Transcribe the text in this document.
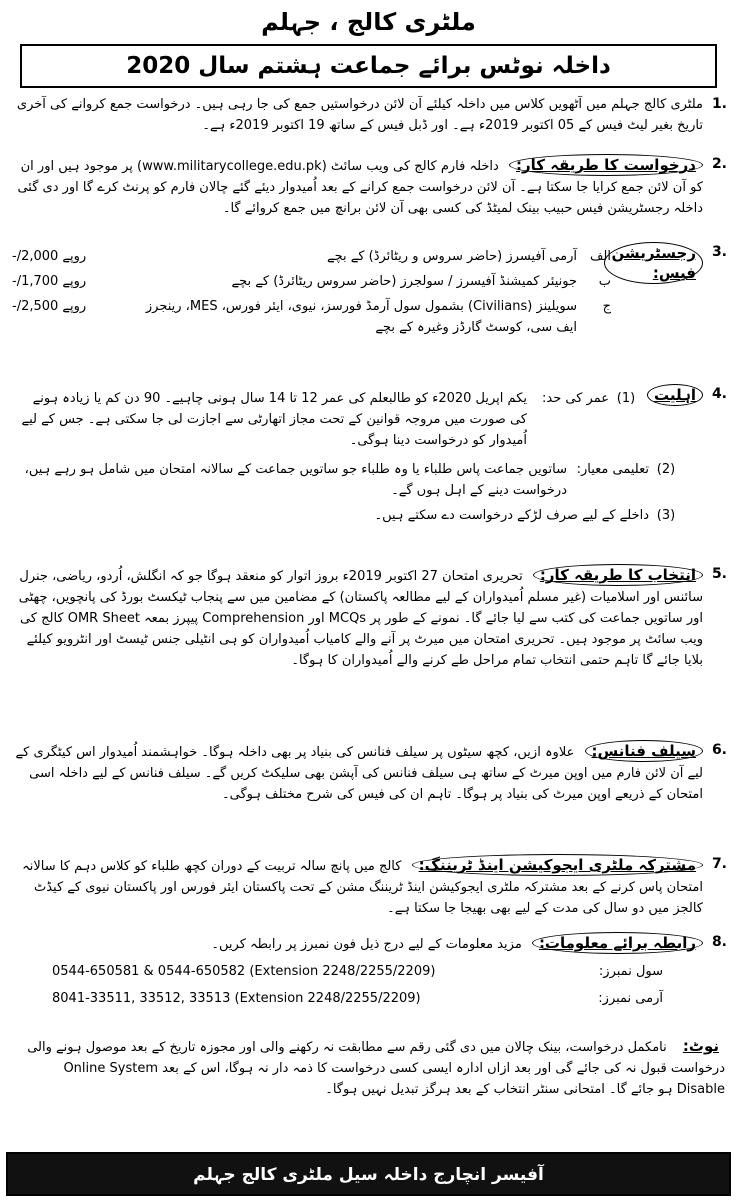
ملٹری کالج ، جہلم
داخلہ نوٹس برائے جماعت ہشتم سال 2020
1.
ملٹری کالج جہلم میں آٹھویں کلاس میں داخلہ کیلئے آن لائن درخواستیں جمع کی جا رہی ہیں۔ درخواست جمع کروانے کی آخری تاریخ بغیر لیٹ فیس کے 05 اکتوبر 2019ء ہے۔ اور ڈبل فیس کے ساتھ 19 اکتوبر 2019ء ہے۔
2.
درخواست کا طریقہ کار: داخلہ فارم کالج کی ویب سائٹ (www.militarycollege.edu.pk) پر موجود ہیں اور ان کو آن لائن جمع کرایا جا سکتا ہے۔ آن لائن درخواست جمع کرانے کے بعد اُمیدوار دیئے گئے چالان فارم کو پرنٹ کرے گا اور دی گئی داخلہ رجسٹریشن فیس حبیب بینک لمیٹڈ کی کسی بھی آن لائن برانچ میں جمع کروائے گا۔
3.
رجسٹریشن فیس:
الف
آرمی آفیسرز (حاضر سروس و ریٹائرڈ) کے بچے
-/2,000 روپے
ب
جونیئر کمیشنڈ آفیسرز / سولجرز (حاضر سروس ریٹائرڈ) کے بچے
-/1,700 روپے
ج
سویلینز (Civilians) بشمول سول آرمڈ فورسز، نیوی، ایئر فورس، MES، رینجرز ایف سی، کوسٹ گارڈز وغیرہ کے بچے
-/2,500 روپے
4.
اہلیت
(1)
عمر کی حد:
یکم اپریل 2020ء کو طالبعلم کی عمر 12 تا 14 سال ہونی چاہیے۔ 90 دن کم یا زیادہ ہونے کی صورت میں مروجہ قوانین کے تحت مجاز اتھارٹی سے اجازت لی جا سکتی ہے۔ جس کے لیے اُمیدوار کو درخواست دینا ہوگی۔
(2)
تعلیمی معیار:
ساتویں جماعت پاس طلباء یا وہ طلباء جو ساتویں جماعت کے سالانہ امتحان میں شامل ہو رہے ہیں، درخواست دینے کے اہل ہوں گے۔
(3)
داخلے کے لیے صرف لڑکے درخواست دے سکتے ہیں۔
5.
انتخاب کا طریقہ کار: تحریری امتحان 27 اکتوبر 2019ء بروز اتوار کو منعقد ہوگا جو کہ انگلش، اُردو، ریاضی، جنرل سائنس اور اسلامیات (غیر مسلم اُمیدواران کے لیے مطالعہ پاکستان) کے مضامین میں سے پنجاب ٹیکسٹ بورڈ کی پانچویں، چھٹی اور ساتویں جماعت کی کتب سے لیا جائے گا۔ نمونے کے طور پر MCQs اور Comprehension پیپرز بمعہ OMR Sheet کالج کی ویب سائٹ پر موجود ہیں۔ تحریری امتحان میں میرٹ پر آنے والے کامیاب اُمیدواران کو ہی انٹیلی جنس ٹیسٹ اور انٹرویو کیلئے بلایا جائے گا تاہم حتمی انتخاب تمام مراحل طے کرنے والے اُمیدواران کا ہوگا۔
6.
سیلف فنانس: علاوہ ازیں، کچھ سیٹوں پر سیلف فنانس کی بنیاد پر بھی داخلہ ہوگا۔ خواہشمند اُمیدوار اس کیٹگری کے لیے آن لائن فارم میں اوپن میرٹ کے ساتھ ہی سیلف فنانس کی آپشن بھی سلیکٹ کریں گے۔ سیلف فنانس کے لیے داخلہ اسی امتحان کے ذریعے اوپن میرٹ کی بنیاد پر ہوگا۔ تاہم ان کی فیس کی شرح مختلف ہوگی۔
7.
مشترکہ ملٹری ایجوکیشن اینڈ ٹریننگ: کالج میں پانچ سالہ تربیت کے دوران کچھ طلباء کو کلاس دہم کا سالانہ امتحان پاس کرنے کے بعد مشترکہ ملٹری ایجوکیشن اینڈ ٹریننگ مشن کے تحت پاکستان ایئر فورس اور پاکستان نیوی کے کیڈٹ کالجز میں دو سال کی مدت کے لیے بھی بھیجا جا سکتا ہے۔
8.
رابطہ برائے معلومات: مزید معلومات کے لیے درج ذیل فون نمبرز پر رابطہ کریں۔
سول نمبرز:
0544-650581 & 0544-650582 (Extension 2248/2255/2209)
آرمی نمبرز:
8041-33511, 33512, 33513 (Extension 2248/2255/2209)
نوٹ: نامکمل درخواست، بینک چالان میں دی گئی رقم سے مطابقت نہ رکھنے والی اور مجوزہ تاریخ کے بعد موصول ہونے والی درخواست قبول نہ کی جائے گی اور بعد ازاں ادارہ ایسی کسی درخواست کا ذمہ دار نہ ہوگا، اس کے بعد Online System Disable ہو جائے گا۔ امتحانی سنٹر انتخاب کے بعد ہرگز تبدیل نہیں ہوگا۔
آفیسر انچارج داخلہ سیل ملٹری کالج جہلم
